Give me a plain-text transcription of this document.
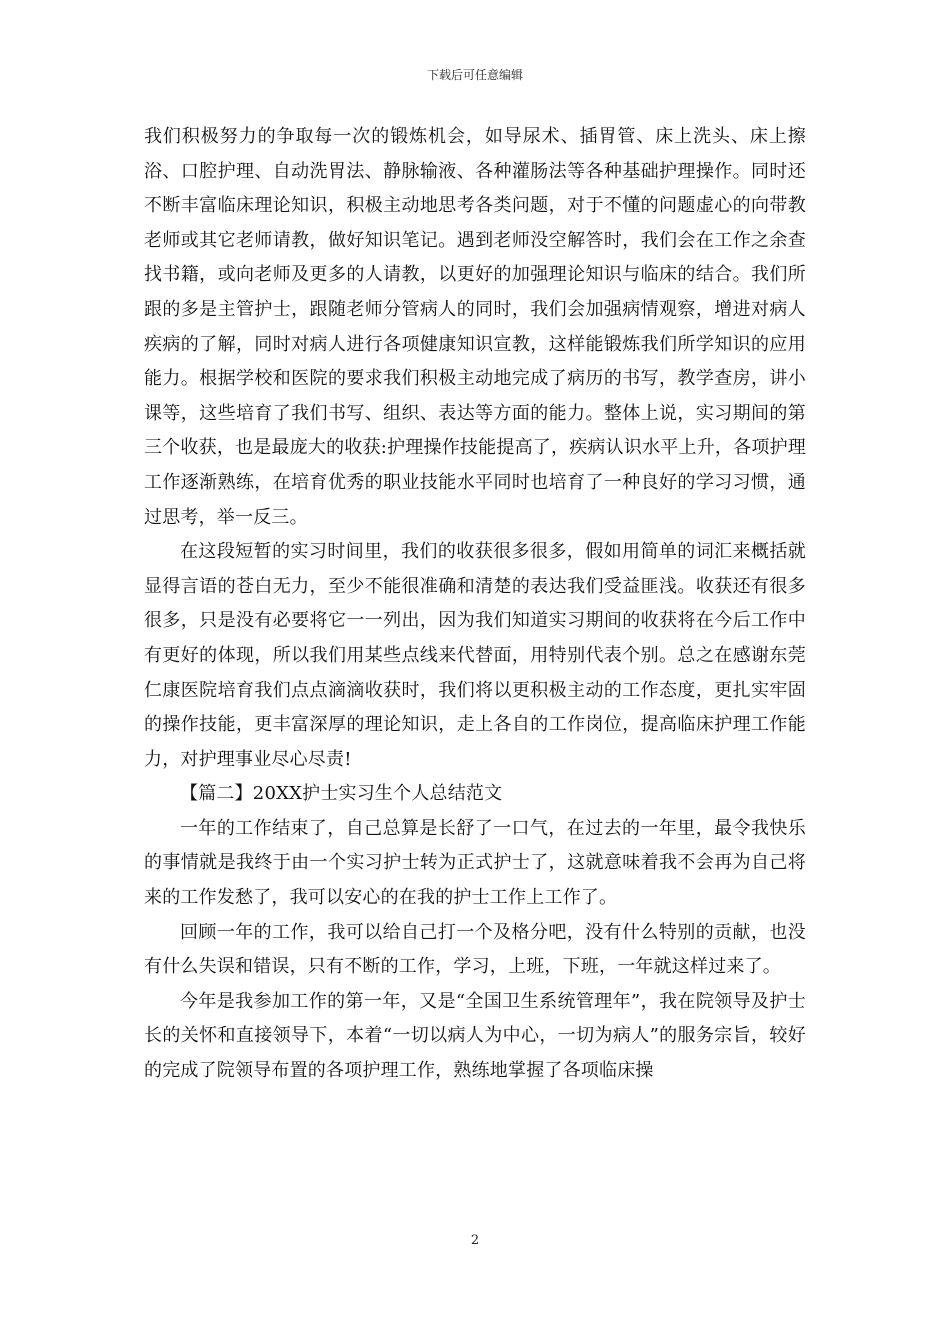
下载后可任意编辑

我们积极努力的争取每一次的锻炼机会，如导尿术、插胃管、床上洗头、床上擦浴、口腔护理、自动洗胃法、静脉输液、各种灌肠法等各种基础护理操作。同时还不断丰富临床理论知识，积极主动地思考各类问题，对于不懂的问题虚心的向带教老师或其它老师请教，做好知识笔记。遇到老师没空解答时，我们会在工作之余查找书籍，或向老师及更多的人请教，以更好的加强理论知识与临床的结合。我们所跟的多是主管护士，跟随老师分管病人的同时，我们会加强病情观察，增进对病人疾病的了解，同时对病人进行各项健康知识宣教，这样能锻炼我们所学知识的应用能力。根据学校和医院的要求我们积极主动地完成了病历的书写，教学查房，讲小课等，这些培育了我们书写、组织、表达等方面的能力。整体上说，实习期间的第三个收获，也是最庞大的收获:护理操作技能提高了，疾病认识水平上升，各项护理工作逐渐熟练，在培育优秀的职业技能水平同时也培育了一种良好的学习习惯，通过思考，举一反三。

在这段短暂的实习时间里，我们的收获很多很多，假如用简单的词汇来概括就显得言语的苍白无力，至少不能很准确和清楚的表达我们受益匪浅。收获还有很多很多，只是没有必要将它一一列出，因为我们知道实习期间的收获将在今后工作中有更好的体现，所以我们用某些点线来代替面，用特别代表个别。总之在感谢东莞仁康医院培育我们点点滴滴收获时，我们将以更积极主动的工作态度，更扎实牢固的操作技能，更丰富深厚的理论知识，走上各自的工作岗位，提高临床护理工作能力，对护理事业尽心尽责!

【篇二】20XX护士实习生个人总结范文

一年的工作结束了，自己总算是长舒了一口气，在过去的一年里，最令我快乐的事情就是我终于由一个实习护士转为正式护士了，这就意味着我不会再为自己将来的工作发愁了，我可以安心的在我的护士工作上工作了。

回顾一年的工作，我可以给自己打一个及格分吧，没有什么特别的贡献，也没有什么失误和错误，只有不断的工作，学习，上班，下班，一年就这样过来了。

今年是我参加工作的第一年，又是“全国卫生系统管理年”，我在院领导及护士长的关怀和直接领导下，本着“一切以病人为中心，一切为病人”的服务宗旨，较好的完成了院领导布置的各项护理工作，熟练地掌握了各项临床操

2
